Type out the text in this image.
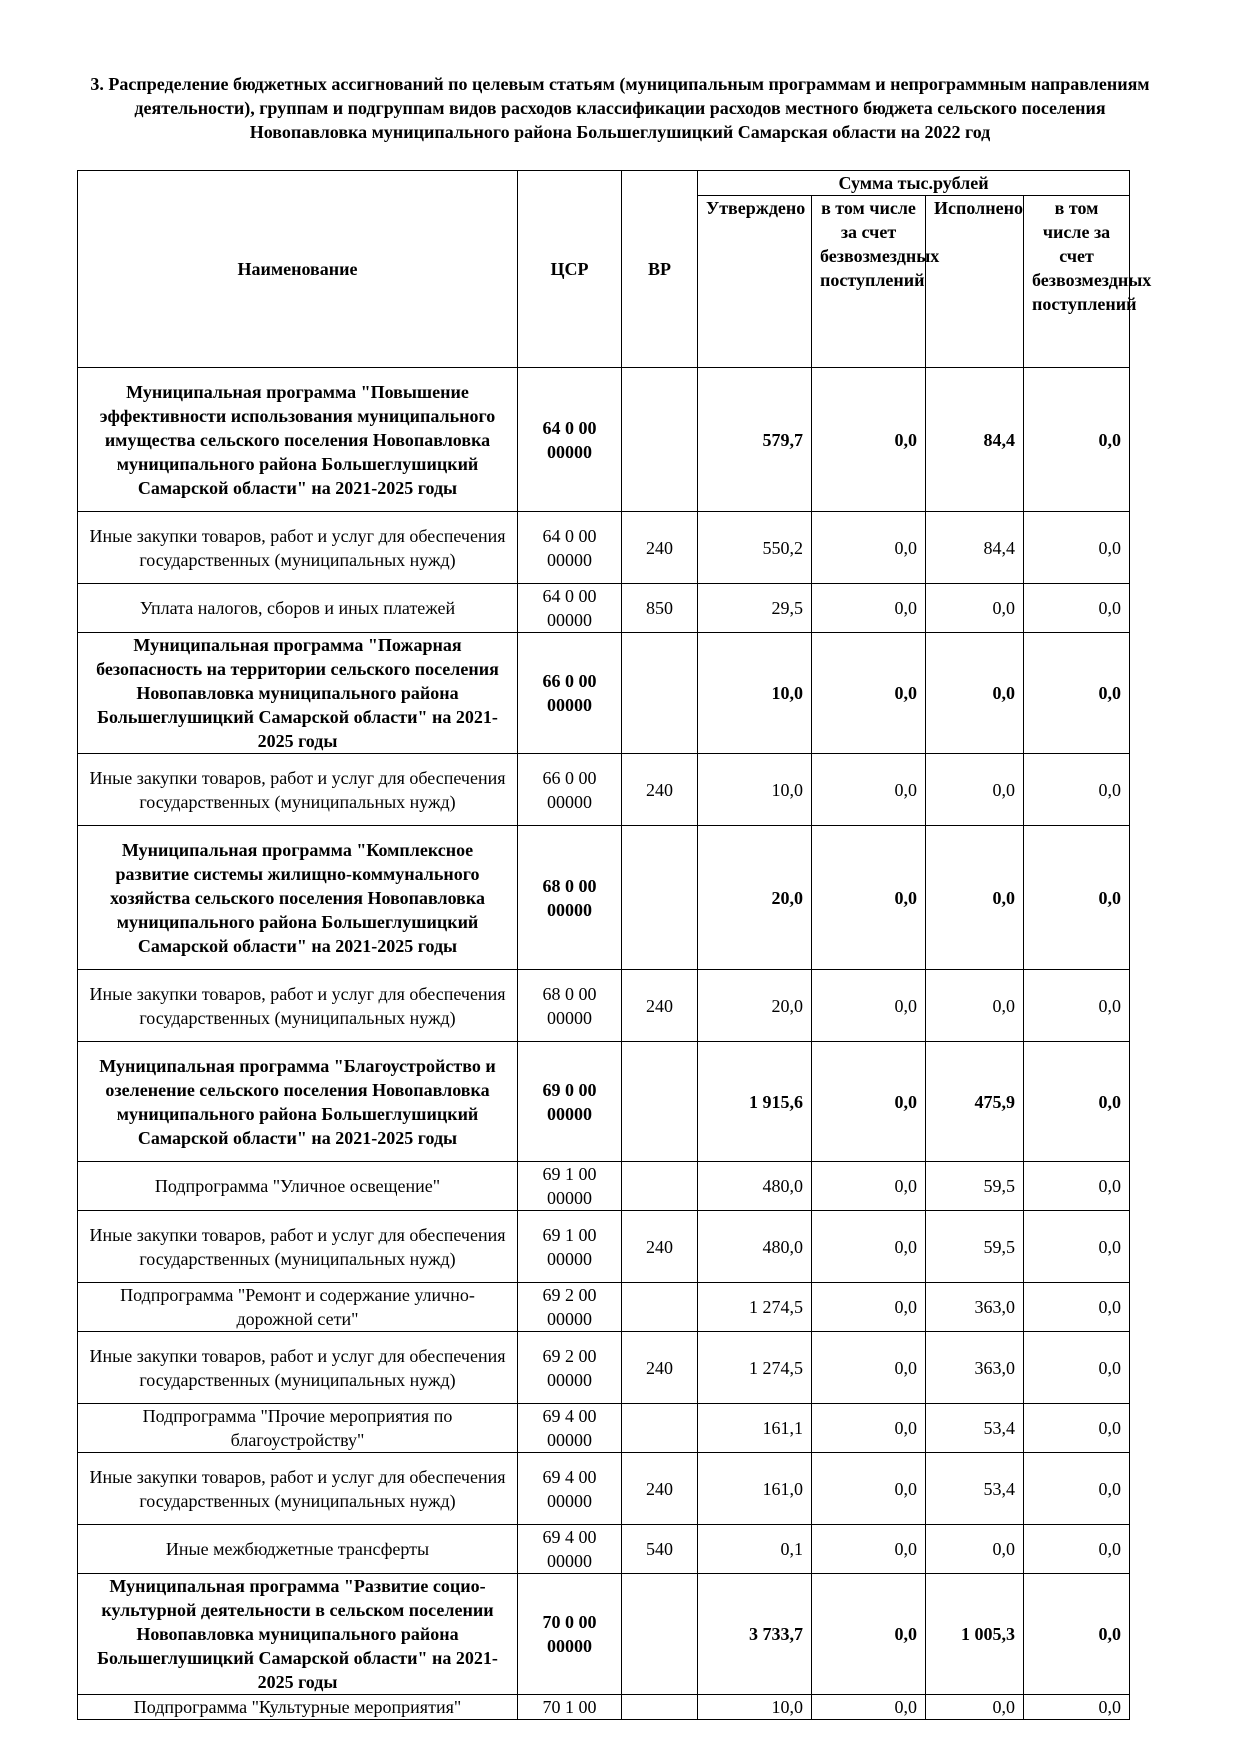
3. Распределение бюджетных ассигнований по целевым статьям (муниципальным программам и непрограммным направлениям деятельности), группам и подгруппам видов расходов классификации расходов местного бюджета сельского поселения Новопавловка муниципального района Большеглушицкий Самарская области на 2022 год
Наименование	ЦСР	ВР	Сумма тыс.рублей			
			Утверждено	в том числе за счет безвозмездных поступлений	Исполнено	в том числе за счет безвозмездных поступлений
Муниципальная программа "Повышение эффективности использования муниципального имущества сельского поселения Новопавловка муниципального района Большеглушицкий Самарской области" на 2021-2025 годы	64 0 00 00000		579,7	0,0	84,4	0,0
Иные закупки товаров, работ и услуг для обеспечения государственных (муниципальных нужд)	64 0 00 00000	240	550,2	0,0	84,4	0,0
Уплата налогов, сборов и иных платежей	64 0 00 00000	850	29,5	0,0	0,0	0,0
Муниципальная программа "Пожарная безопасность на территории сельского поселения Новопавловка муниципального района Большеглушицкий Самарской области" на 2021-2025 годы	66 0 00 00000		10,0	0,0	0,0	0,0
Иные закупки товаров, работ и услуг для обеспечения государственных (муниципальных нужд)	66 0 00 00000	240	10,0	0,0	0,0	0,0
Муниципальная программа "Комплексное развитие системы жилищно-коммунального хозяйства сельского поселения Новопавловка муниципального района Большеглушицкий Самарской области" на 2021-2025 годы	68 0 00 00000		20,0	0,0	0,0	0,0
Иные закупки товаров, работ и услуг для обеспечения государственных (муниципальных нужд)	68 0 00 00000	240	20,0	0,0	0,0	0,0
Муниципальная программа "Благоустройство и озеленение сельского поселения Новопавловка муниципального района Большеглушицкий Самарской области" на 2021-2025 годы	69 0 00 00000		1 915,6	0,0	475,9	0,0
Подпрограмма "Уличное освещение"	69 1 00 00000		480,0	0,0	59,5	0,0
Иные закупки товаров, работ и услуг для обеспечения государственных (муниципальных нужд)	69 1 00 00000	240	480,0	0,0	59,5	0,0
Подпрограмма "Ремонт и содержание улично-дорожной сети"	69 2 00 00000		1 274,5	0,0	363,0	0,0
Иные закупки товаров, работ и услуг для обеспечения государственных (муниципальных нужд)	69 2 00 00000	240	1 274,5	0,0	363,0	0,0
Подпрограмма "Прочие мероприятия по благоустройству"	69 4 00 00000		161,1	0,0	53,4	0,0
Иные закупки товаров, работ и услуг для обеспечения государственных (муниципальных нужд)	69 4 00 00000	240	161,0	0,0	53,4	0,0
Иные межбюджетные трансферты	69 4 00 00000	540	0,1	0,0	0,0	0,0
Муниципальная программа "Развитие социо-культурной деятельности в сельском поселении Новопавловка муниципального района Большеглушицкий Самарской области" на 2021-2025 годы	70 0 00 00000		3 733,7	0,0	1 005,3	0,0
Подпрограмма "Культурные мероприятия"	70 1 00		10,0	0,0	0,0	0,0
